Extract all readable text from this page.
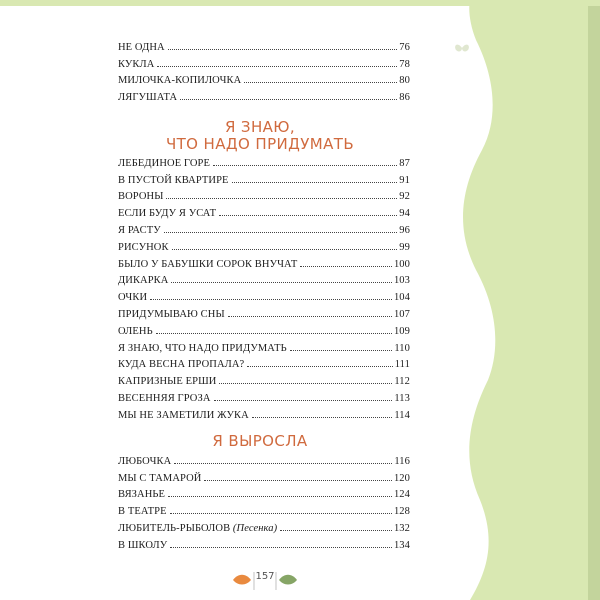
НЕ ОДНА	76
КУКЛА	78
МИЛОЧКА-КОПИЛОЧКА	80
ЛЯГУШАТА	86
Я ЗНАЮ,
ЧТО НАДО ПРИДУМАТЬ
ЛЕБЕДИНОЕ ГОРЕ	87
В ПУСТОЙ КВАРТИРЕ	91
ВОРОНЫ	92
ЕСЛИ БУДУ Я УСАТ	94
Я РАСТУ	96
РИСУНОК	99
БЫЛО У БАБУШКИ СОРОК ВНУЧАТ	100
ДИКАРКА	103
ОЧКИ	104
ПРИДУМЫВАЮ СНЫ	107
ОЛЕНЬ	109
Я ЗНАЮ, ЧТО НАДО ПРИДУМАТЬ	110
КУДА ВЕСНА ПРОПАЛА?	111
КАПРИЗНЫЕ ЕРШИ	112
ВЕСЕННЯЯ ГРОЗА	113
МЫ НЕ ЗАМЕТИЛИ ЖУКА	114
Я ВЫРОСЛА
ЛЮБОЧКА	116
МЫ С ТАМАРОЙ	120
ВЯЗАНЬЕ	124
В ТЕАТРЕ	128
ЛЮБИТЕЛЬ-РЫБОЛОВ (Песенка)	132
В ШКОЛУ	134
157
